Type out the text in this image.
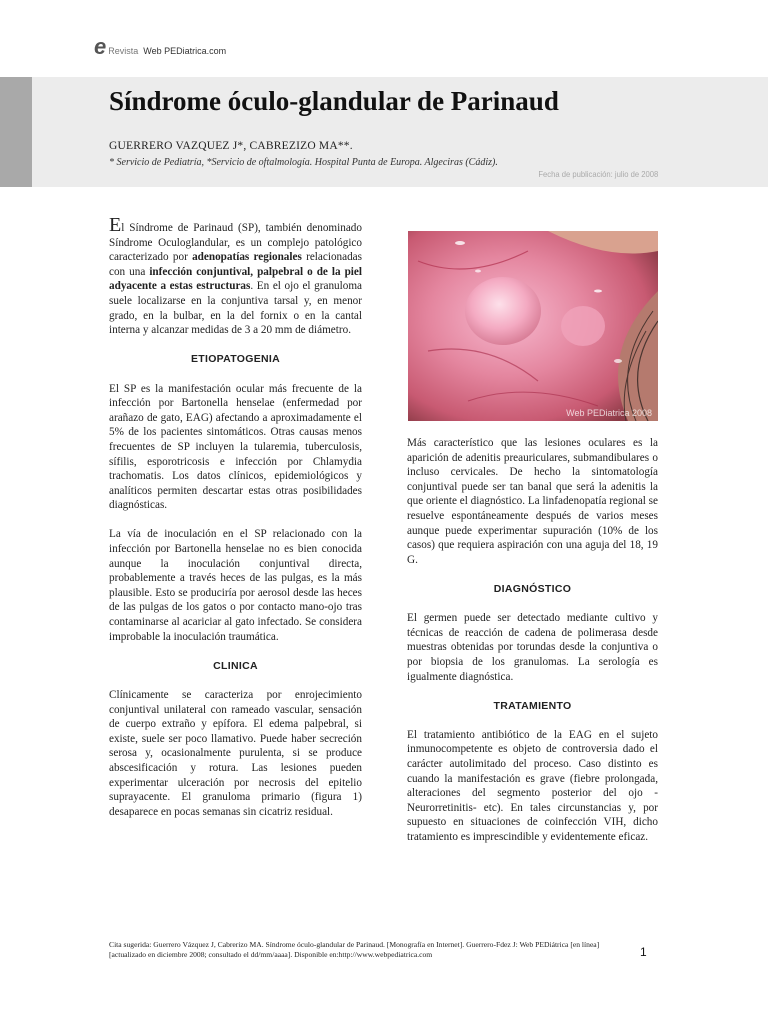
e Revista Web PEDiatrica.com
Síndrome óculo-glandular de Parinaud
GUERRERO VAZQUEZ J*, CABREZIZO MA**.
* Servicio de Pediatría, *Servicio de oftalmología. Hospital Punta de Europa. Algeciras (Cádiz).
Fecha de publicación: julio de 2008

El Síndrome de Parinaud (SP), también denominado Síndrome Oculoglandular, es un complejo patológico caracterizado por adenopatías regionales relacionadas con una infección conjuntival, palpebral o de la piel adyacente a estas estructuras. En el ojo el granuloma suele localizarse en la conjuntiva tarsal y, en menor grado, en la bulbar, en la del fornix o en la cantal interna y alcanzar medidas de 3 a 20 mm de diámetro.

ETIOPATOGENIA

El SP es la manifestación ocular más frecuente de la infección por Bartonella henselae (enfermedad por arañazo de gato, EAG) afectando a aproximadamente el 5% de los pacientes sintomáticos. Otras causas menos frecuentes de SP incluyen la tularemia, tuberculosis, sífilis, esporotricosis e infección por Chlamydia trachomatis. Los datos clínicos, epidemiológicos y analíticos permiten descartar estas otras posibilidades diagnósticas.

La vía de inoculación en el SP relacionado con la infección por Bartonella henselae no es bien conocida aunque la inoculación conjuntival directa, probablemente a través heces de las pulgas, es la más plausible. Esto se produciría por aerosol desde las heces de las pulgas de los gatos o por contacto mano-ojo tras contaminarse al acariciar al gato infectado. Se considera improbable la inoculación traumática.

CLINICA

Clínicamente se caracteriza por enrojecimiento conjuntival unilateral con rameado vascular, sensación de cuerpo extraño y epífora. El edema palpebral, si existe, suele ser poco llamativo. Puede haber secreción serosa y, ocasionalmente purulenta, si se produce abscesificación y rotura. Las lesiones pueden experimentar ulceración por necrosis del epitelio suprayacente. El granuloma primario (figura 1) desaparece en pocas semanas sin cicatriz residual.

Web PEDiatrica 2008

Más característico que las lesiones oculares es la aparición de adenitis preauriculares, submandibulares o incluso cervicales. De hecho la sintomatología conjuntival puede ser tan banal que será la adenitis la que oriente el diagnóstico. La linfadenopatía regional se resuelve espontáneamente después de varios meses aunque puede experimentar supuración (10% de los casos) que requiera aspiración con una aguja del 18, 19 G.

DIAGNÓSTICO

El germen puede ser detectado mediante cultivo y técnicas de reacción de cadena de polimerasa desde muestras obtenidas por torundas desde la conjuntiva o por biopsia de los granulomas. La serología es igualmente diagnóstica.

TRATAMIENTO

El tratamiento antibiótico de la EAG en el sujeto inmunocompetente es objeto de controversia dado el carácter autolimitado del proceso. Caso distinto es cuando la manifestación es grave (fiebre prolongada, alteraciones del segmento posterior del ojo -Neurorretinitis- etc). En tales circunstancias y, por supuesto en situaciones de coinfección VIH, dicho tratamiento es imprescindible y evidentemente eficaz.

Cita sugerida: Guerrero Vázquez J, Cabrerizo MA. Síndrome óculo-glandular de Parinaud. [Monografía en Internet]. Guerrero-Fdez J: Web PEDiátrica [en línea] [actualizado en diciembre 2008; consultado el dd/mm/aaaa]. Disponible en:http://www.webpediatrica.com	1
